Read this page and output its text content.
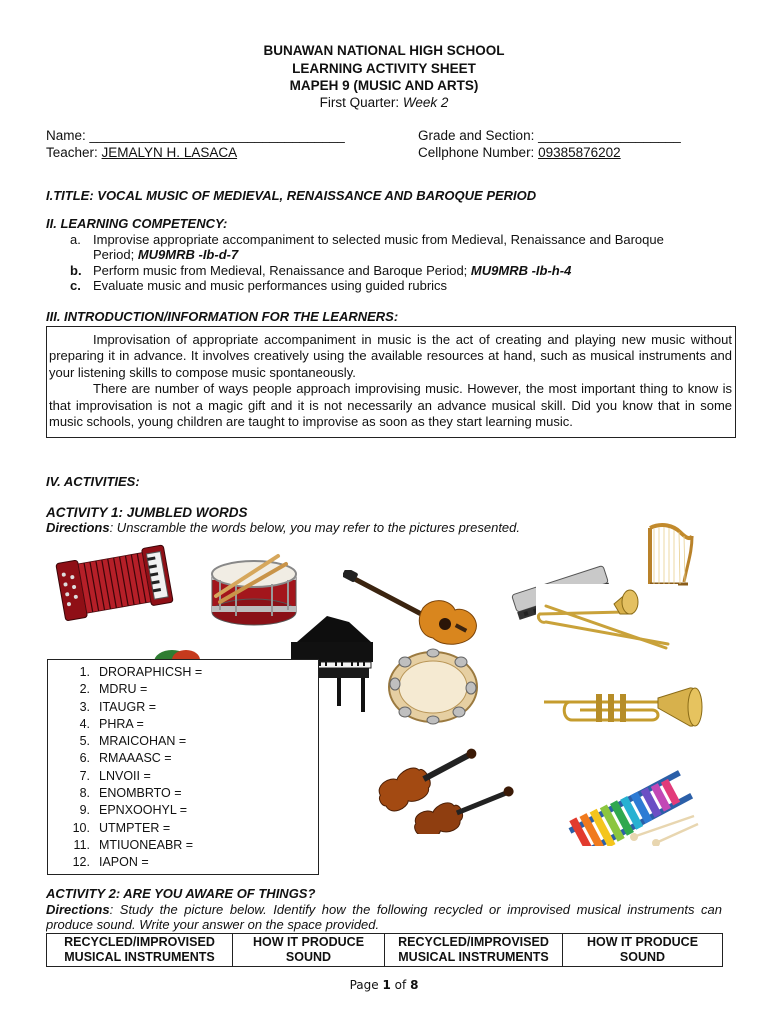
BUNAWAN NATIONAL HIGH SCHOOL
LEARNING ACTIVITY SHEET
MAPEH 9 (MUSIC AND ARTS)
First Quarter: Week 2
Name: __________________________________	Grade and Section: ___________________
Teacher: JEMALYN H. LASACA	Cellphone Number: 09385876202
I.TITLE: VOCAL MUSIC OF MEDIEVAL, RENAISSANCE AND BAROQUE PERIOD
II. LEARNING COMPETENCY:
a. Improvise appropriate accompaniment to selected music from Medieval, Renaissance and Baroque
Period; MU9MRB -Ib-d-7
b. Perform music from Medieval, Renaissance and Baroque Period; MU9MRB -Ib-h-4
c. Evaluate music and music performances using guided rubrics
III. INTRODUCTION/INFORMATION FOR THE LEARNERS:

Improvisation of appropriate accompaniment in music is the act of creating and playing new music without preparing it in advance. It involves creatively using the available resources at hand, such as musical instruments and your listening skills to compose music spontaneously.

There are number of ways people approach improvising music. However, the most important thing to know is that improvisation is not a magic gift and it is not necessarily an advance musical skill. Did you know that in some music schools, young children are taught to improvise as soon as they start learning music.

IV. ACTIVITIES:
ACTIVITY 1: JUMBLED WORDS
Directions: Unscramble the words below, you may refer to the pictures presented.
1. DRORAPHICSH =
2. MDRU =
3. ITAUGR =
4. PHRA =
5. MRAICOHAN =
6. RMAAASC =
7. LNVOII =
8. ENOMBRTO =
9. EPNXOOHYL =
10. UTMPTER =
11. MTIUONEABR =
12. IAPON =
ACTIVITY 2: ARE YOU AWARE OF THINGS?
Directions: Study the picture below. Identify how the following recycled or improvised musical instruments can produce sound. Write your answer on the space provided.
RECYCLED/IMPROVISED MUSICAL INSTRUMENTS	HOW IT PRODUCE SOUND	RECYCLED/IMPROVISED MUSICAL INSTRUMENTS	HOW IT PRODUCE SOUND
Page 1 of 8
